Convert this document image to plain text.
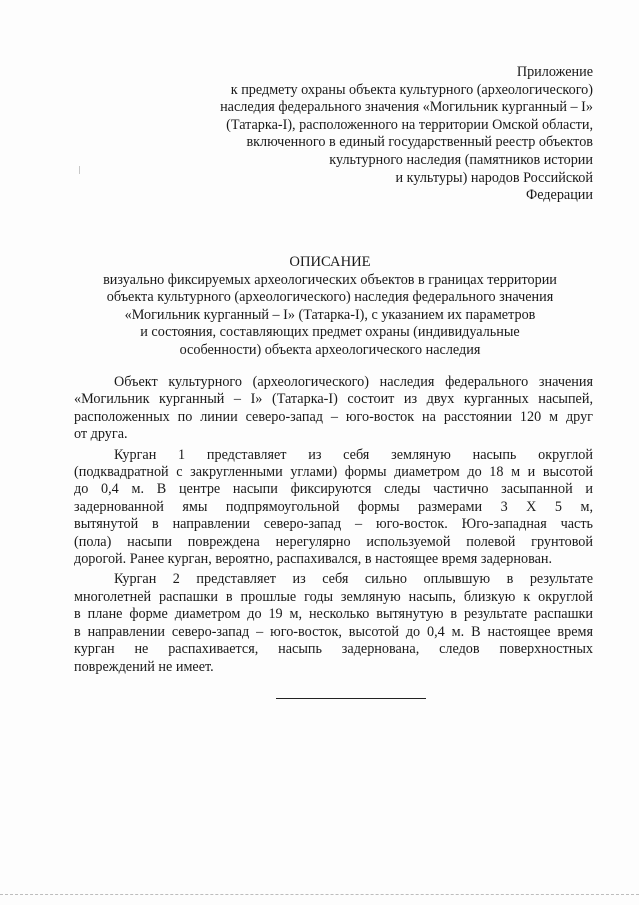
Приложение
к предмету охраны объекта культурного (археологического)
наследия федерального значения «Могильник курганный – I»
(Татарка-I), расположенного на территории Омской области,
включенного в единый государственный реестр объектов
культурного наследия (памятников истории
и культуры) народов Российской
Федерации
ОПИСАНИЕ
визуально фиксируемых археологических объектов в границах территории
объекта культурного (археологического) наследия федерального значения
«Могильник курганный – I» (Татарка-I), с указанием их параметров
и состояния, составляющих предмет охраны (индивидуальные
особенности) объекта археологического наследия
Объект культурного (археологического) наследия федерального значения
«Могильник курганный – I» (Татарка-I) состоит из двух курганных насыпей,
расположенных по линии северо-запад – юго-восток на расстоянии 120 м друг
от друга.
Курган 1 представляет из себя земляную насыпь округлой
(подквадратной с закругленными углами) формы диаметром до 18 м и высотой
до 0,4 м. В центре насыпи фиксируются следы частично засыпанной и
задернованной ямы подпрямоугольной формы размерами 3 Х 5 м,
вытянутой в направлении северо-запад – юго-восток. Юго-западная часть
(пола) насыпи повреждена нерегулярно используемой полевой грунтовой
дорогой. Ранее курган, вероятно, распахивался, в настоящее время задернован.
Курган 2 представляет из себя сильно оплывшую в результате
многолетней распашки в прошлые годы земляную насыпь, близкую к округлой
в плане форме диаметром до 19 м, несколько вытянутую в результате распашки
в направлении северо-запад – юго-восток, высотой до 0,4 м. В настоящее время
курган не распахивается, насыпь задернована, следов поверхностных
повреждений не имеет.
